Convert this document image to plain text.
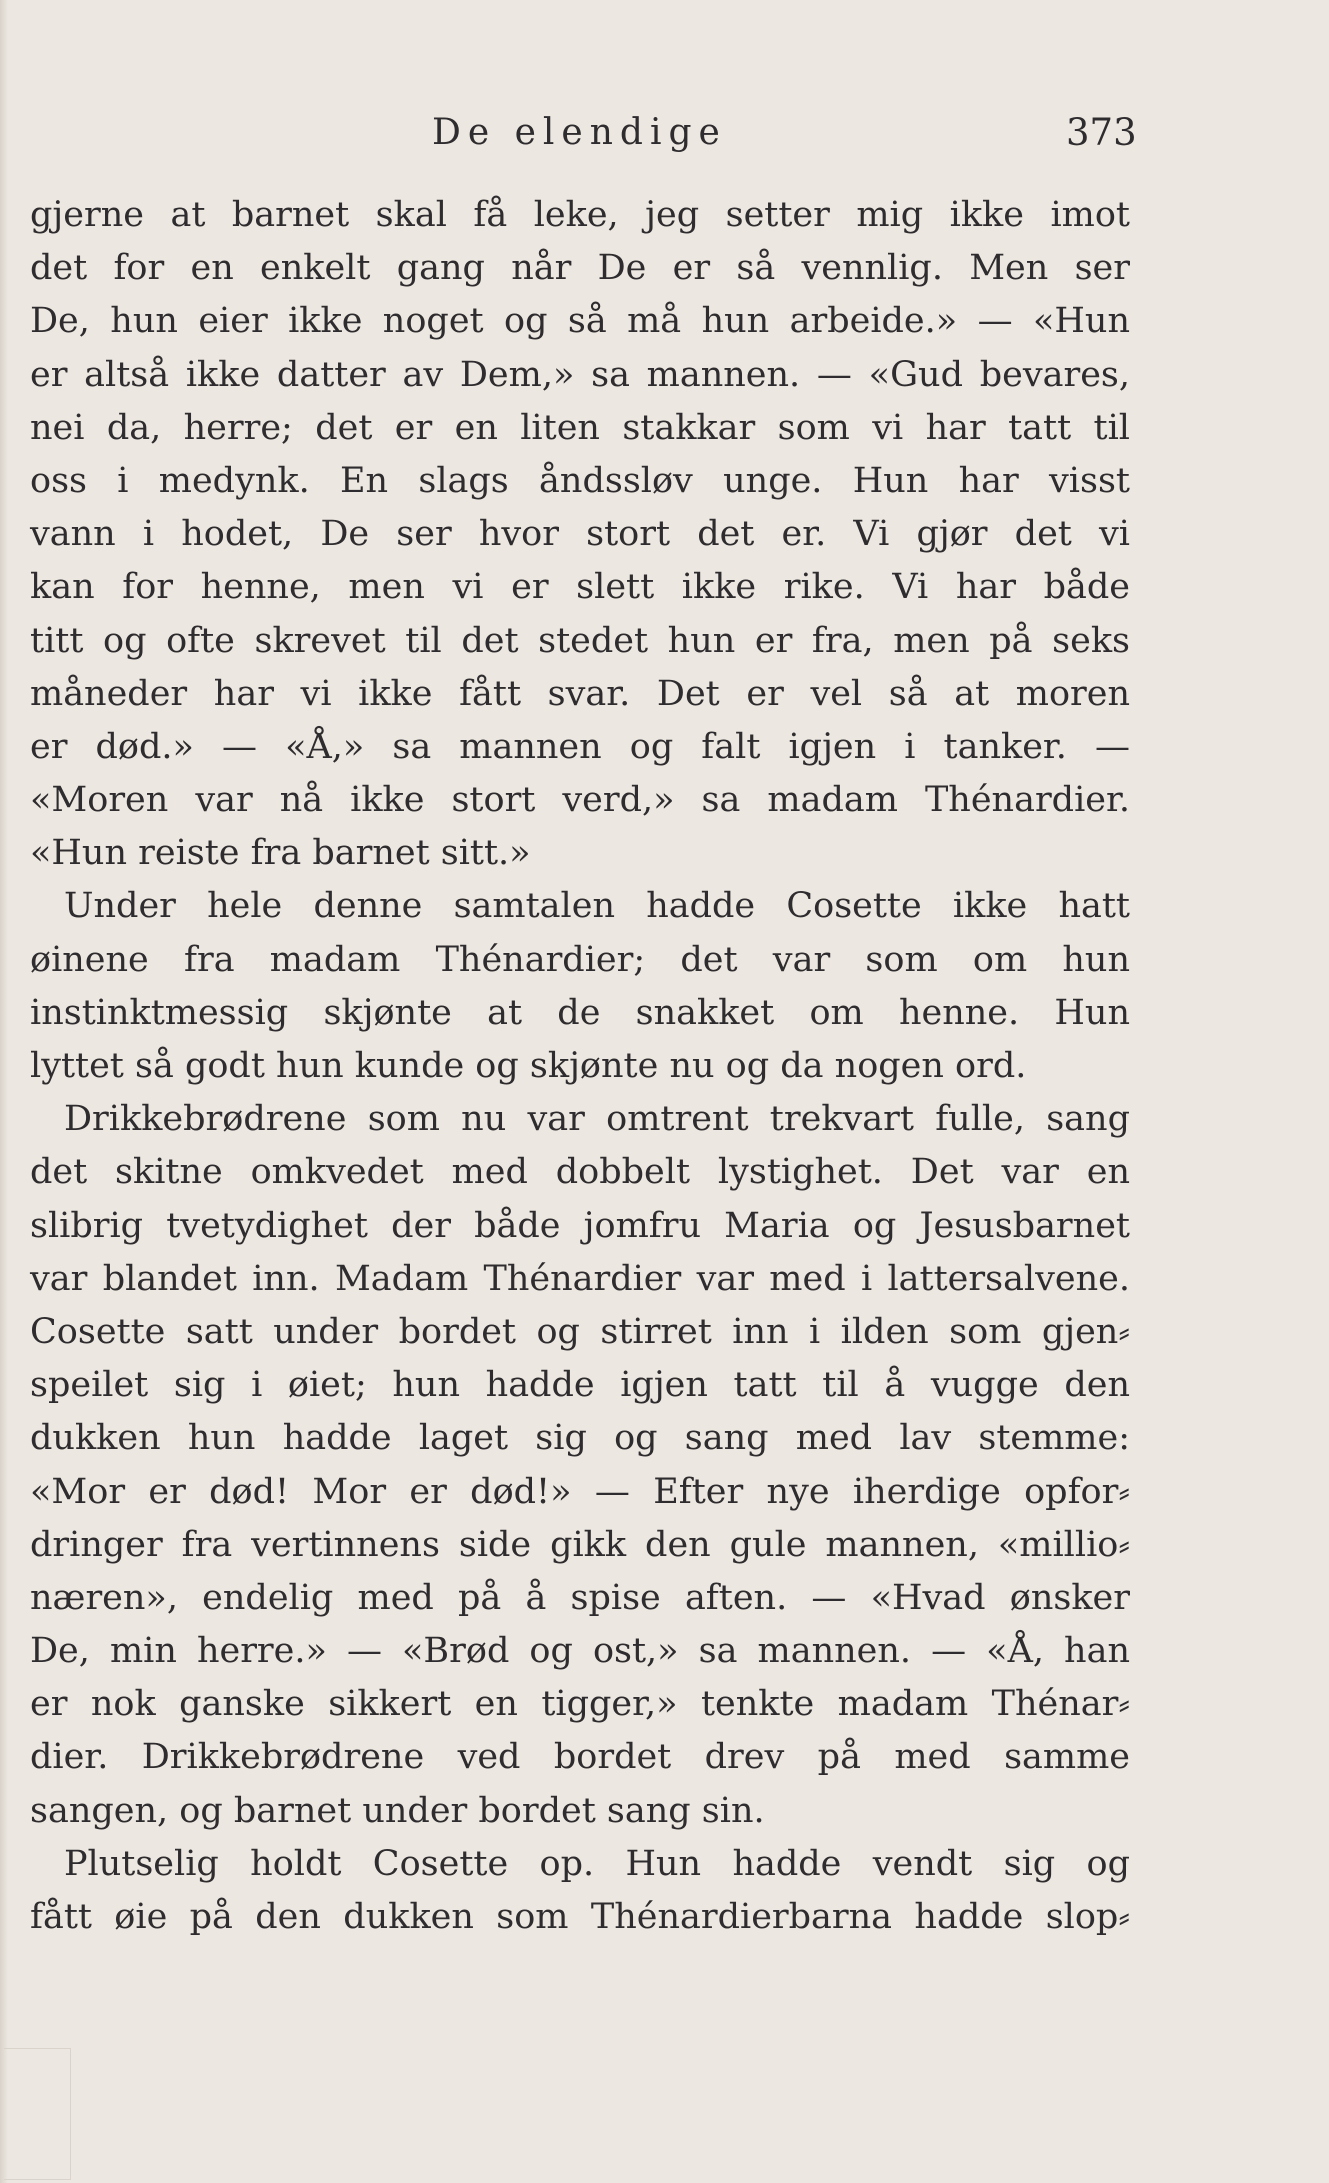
De elendige	373
gjerne at barnet skal få leke, jeg setter mig ikke imot
det for en enkelt gang når De er så vennlig. Men ser
De, hun eier ikke noget og så må hun arbeide.» — «Hun
er altså ikke datter av Dem,» sa mannen. — «Gud bevares,
nei da, herre; det er en liten stakkar som vi har tatt til
oss i medynk. En slags åndssløv unge. Hun har visst
vann i hodet, De ser hvor stort det er. Vi gjør det vi
kan for henne, men vi er slett ikke rike. Vi har både
titt og ofte skrevet til det stedet hun er fra, men på seks
måneder har vi ikke fått svar. Det er vel så at moren
er død.» — «Å,» sa mannen og falt igjen i tanker. —
«Moren var nå ikke stort verd,» sa madam Thénardier.
«Hun reiste fra barnet sitt.»
Under hele denne samtalen hadde Cosette ikke hatt
øinene fra madam Thénardier; det var som om hun
instinktmessig skjønte at de snakket om henne. Hun
lyttet så godt hun kunde og skjønte nu og da nogen ord.
Drikkebrødrene som nu var omtrent trekvart fulle, sang
det skitne omkvedet med dobbelt lystighet. Det var en
slibrig tvetydighet der både jomfru Maria og Jesusbarnet
var blandet inn. Madam Thénardier var med i lattersalvene.
Cosette satt under bordet og stirret inn i ilden som gjen⸗
speilet sig i øiet; hun hadde igjen tatt til å vugge den
dukken hun hadde laget sig og sang med lav stemme:
«Mor er død! Mor er død!» — Efter nye iherdige opfor⸗
dringer fra vertinnens side gikk den gule mannen, «millio⸗
næren», endelig med på å spise aften. — «Hvad ønsker
De, min herre.» — «Brød og ost,» sa mannen. — «Å, han
er nok ganske sikkert en tigger,» tenkte madam Thénar⸗
dier. Drikkebrødrene ved bordet drev på med samme
sangen, og barnet under bordet sang sin.
Plutselig holdt Cosette op. Hun hadde vendt sig og
fått øie på den dukken som Thénardierbarna hadde slop⸗
